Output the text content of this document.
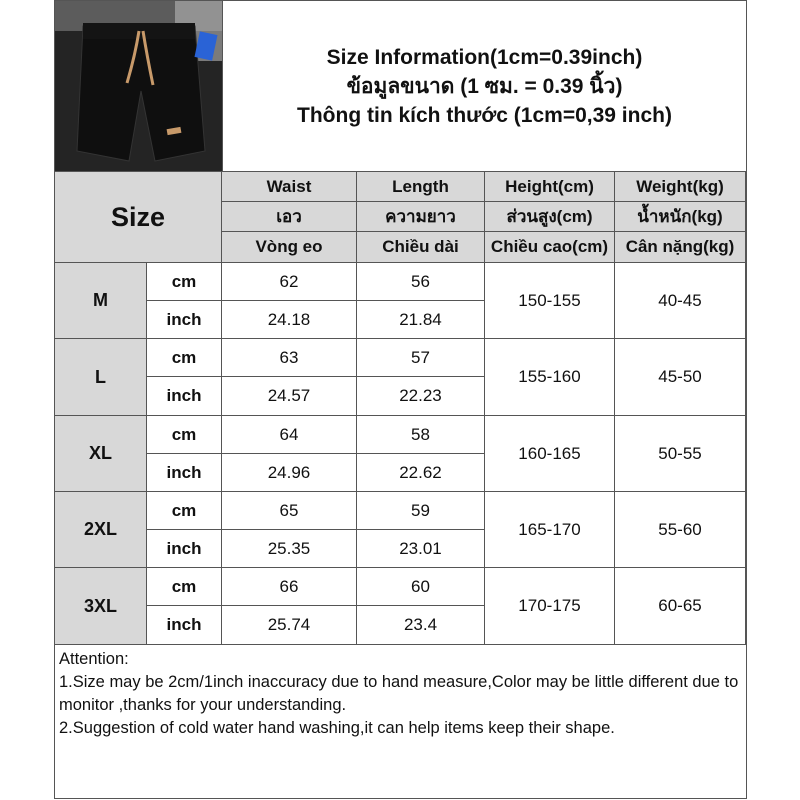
Size Information(1cm=0.39inch)
ข้อมูลขนาด (1 ซม. = 0.39 นิ้ว)
Thông tin kích thước (1cm=0,39 inch)
Size
Waist	Length	Height(cm)	Weight(kg)
เอว	ความยาว	ส่วนสูง(cm)	น้ำหนัก(kg)
Vòng eo	Chiều dài	Chiều cao(cm)	Cân nặng(kg)
M
cm	62	56
inch	24.18	21.84
150-155	40-45
L
cm	63	57
inch	24.57	22.23
155-160	45-50
XL
cm	64	58
inch	24.96	22.62
160-165	50-55
2XL
cm	65	59
inch	25.35	23.01
165-170	55-60
3XL
cm	66	60
inch	25.74	23.4
170-175	60-65
Attention:
1.Size may be 2cm/1inch inaccuracy due to hand measure,Color may be little different due to monitor ,thanks for your understanding.
2.Suggestion of cold water hand washing,it can help items keep their shape.
